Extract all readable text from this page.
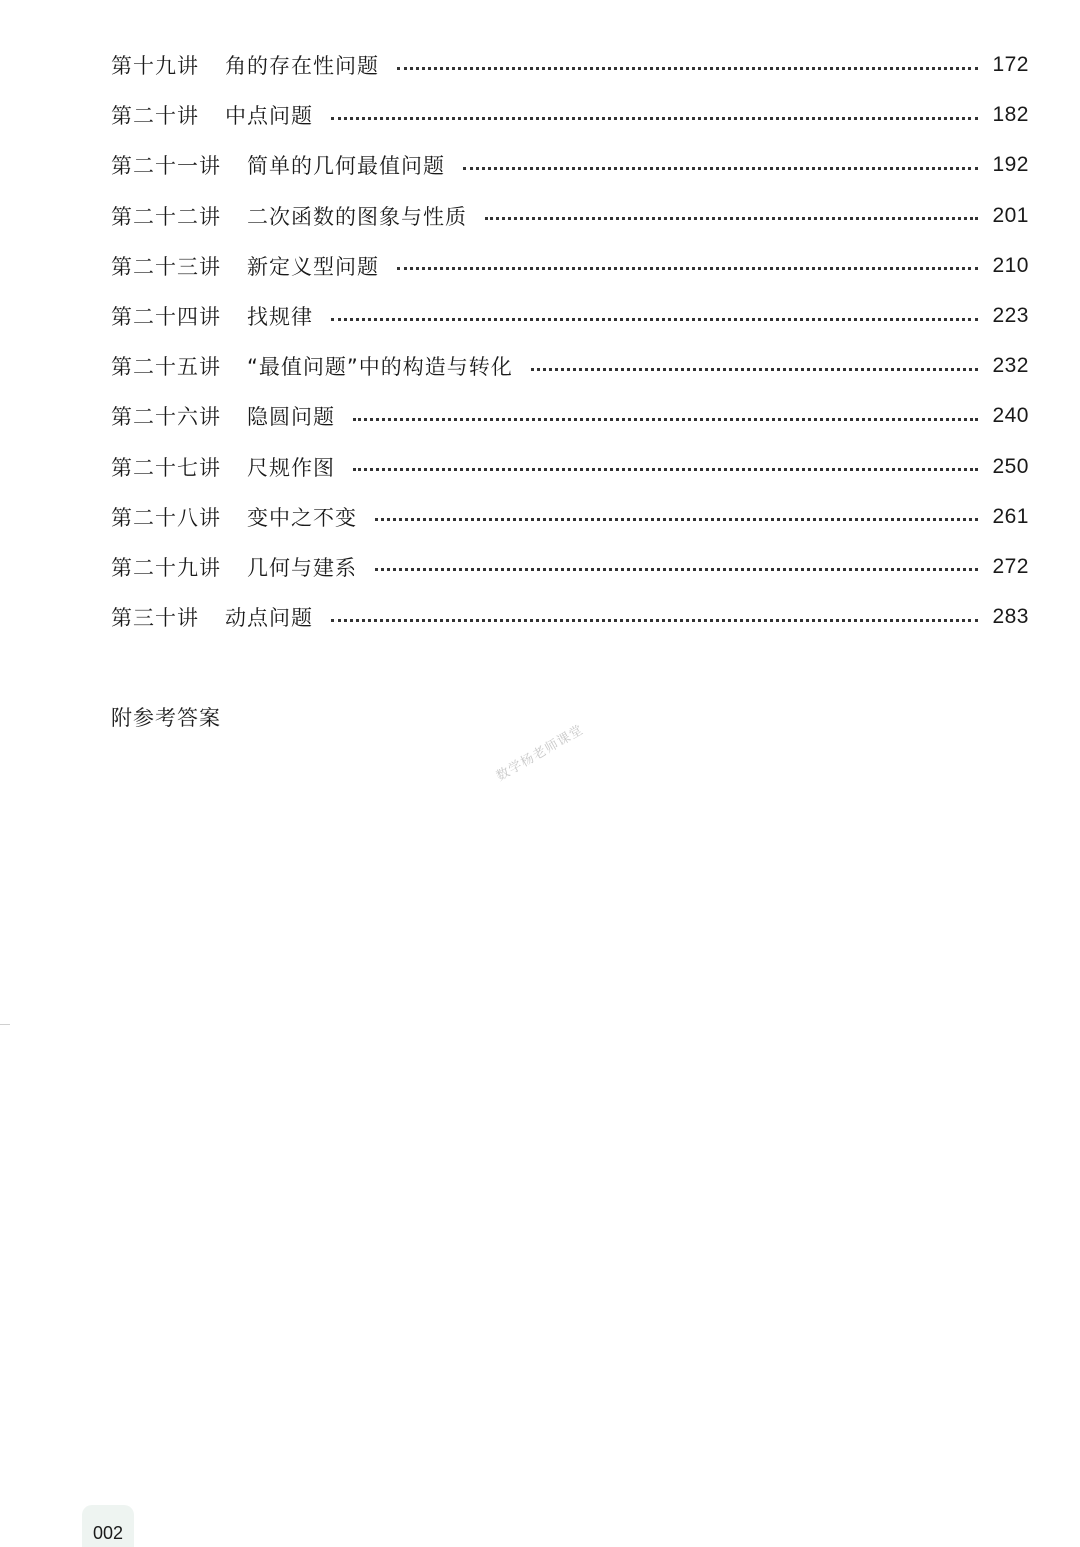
第十九讲 角的存在性问题	172
第二十讲 中点问题	182
第二十一讲 简单的几何最值问题	192
第二十二讲 二次函数的图象与性质	201
第二十三讲 新定义型问题	210
第二十四讲 找规律	223
第二十五讲 “最值问题”中的构造与转化	232
第二十六讲 隐圆问题	240
第二十七讲 尺规作图	250
第二十八讲 变中之不变	261
第二十九讲 几何与建系	272
第三十讲 动点问题	283
附参考答案
数学杨老师课堂
002
